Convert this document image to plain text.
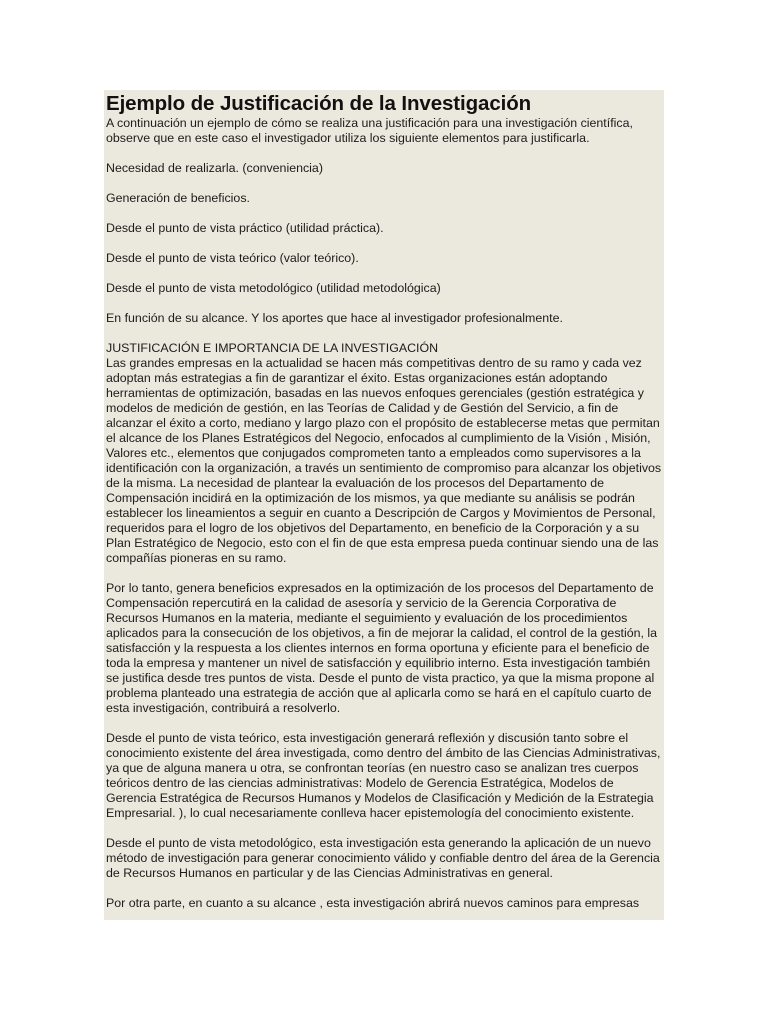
Ejemplo de Justificación de la Investigación

A continuación un ejemplo de cómo se realiza una justificación para una investigación científica, observe que en este caso el investigador utiliza los siguiente elementos para justificarla.

Necesidad de realizarla. (conveniencia)

Generación de beneficios.

Desde el punto de vista práctico (utilidad práctica).

Desde el punto de vista teórico (valor teórico).

Desde el punto de vista metodológico (utilidad metodológica)

En función de su alcance. Y los aportes que hace al investigador profesionalmente.

JUSTIFICACIÓN E IMPORTANCIA DE LA INVESTIGACIÓN

Las grandes empresas en la actualidad se hacen más competitivas dentro de su ramo y cada vez adoptan más estrategias a fin de garantizar el éxito. Estas organizaciones están adoptando herramientas de optimización, basadas en las nuevos enfoques gerenciales (gestión estratégica y modelos de medición de gestión, en las Teorías de Calidad y de Gestión del Servicio, a fin de alcanzar el éxito a corto, mediano y largo plazo con el propósito de establecerse metas que permitan el alcance de los Planes Estratégicos del Negocio, enfocados al cumplimiento de la Visión , Misión, Valores etc., elementos que conjugados comprometen tanto a empleados como supervisores a la identificación con la organización, a través un sentimiento de compromiso para alcanzar los objetivos de la misma. La necesidad de plantear la evaluación de los procesos del Departamento de Compensación incidirá en la optimización de los mismos, ya que mediante su análisis se podrán establecer los lineamientos a seguir en cuanto a Descripción de Cargos y Movimientos de Personal, requeridos para el logro de los objetivos del Departamento, en beneficio de la Corporación y a su Plan Estratégico de Negocio, esto con el fin de que esta empresa pueda continuar siendo una de las compañías pioneras en su ramo.

Por lo tanto, genera beneficios expresados en la optimización de los procesos del Departamento de Compensación repercutirá en la calidad de asesoría y servicio de la Gerencia Corporativa de Recursos Humanos en la materia, mediante el seguimiento y evaluación de los procedimientos aplicados para la consecución de los objetivos, a fin de mejorar la calidad, el control de la gestión, la satisfacción y la respuesta a los clientes internos en forma oportuna y eficiente para el beneficio de toda la empresa y mantener un nivel de satisfacción y equilibrio interno. Esta investigación también se justifica desde tres puntos de vista. Desde el punto de vista practico, ya que la misma propone al problema planteado una estrategia de acción que al aplicarla como se hará en el capítulo cuarto de esta investigación, contribuirá a resolverlo.

Desde el punto de vista teórico, esta investigación generará reflexión y discusión tanto sobre el conocimiento existente del área investigada, como dentro del ámbito de las Ciencias Administrativas, ya que de alguna manera u otra, se confrontan teorías (en nuestro caso se analizan tres cuerpos teóricos dentro de las ciencias administrativas: Modelo de Gerencia Estratégica, Modelos de Gerencia Estratégica de Recursos Humanos y Modelos de Clasificación y Medición de la Estrategia Empresarial. ), lo cual necesariamente conlleva hacer epistemología del conocimiento existente.

Desde el punto de vista metodológico, esta investigación esta generando la aplicación de un nuevo método de investigación para generar conocimiento válido y confiable dentro del área de la Gerencia de Recursos Humanos en particular y de las Ciencias Administrativas en general.

Por otra parte, en cuanto a su alcance , esta investigación abrirá nuevos caminos para empresas
